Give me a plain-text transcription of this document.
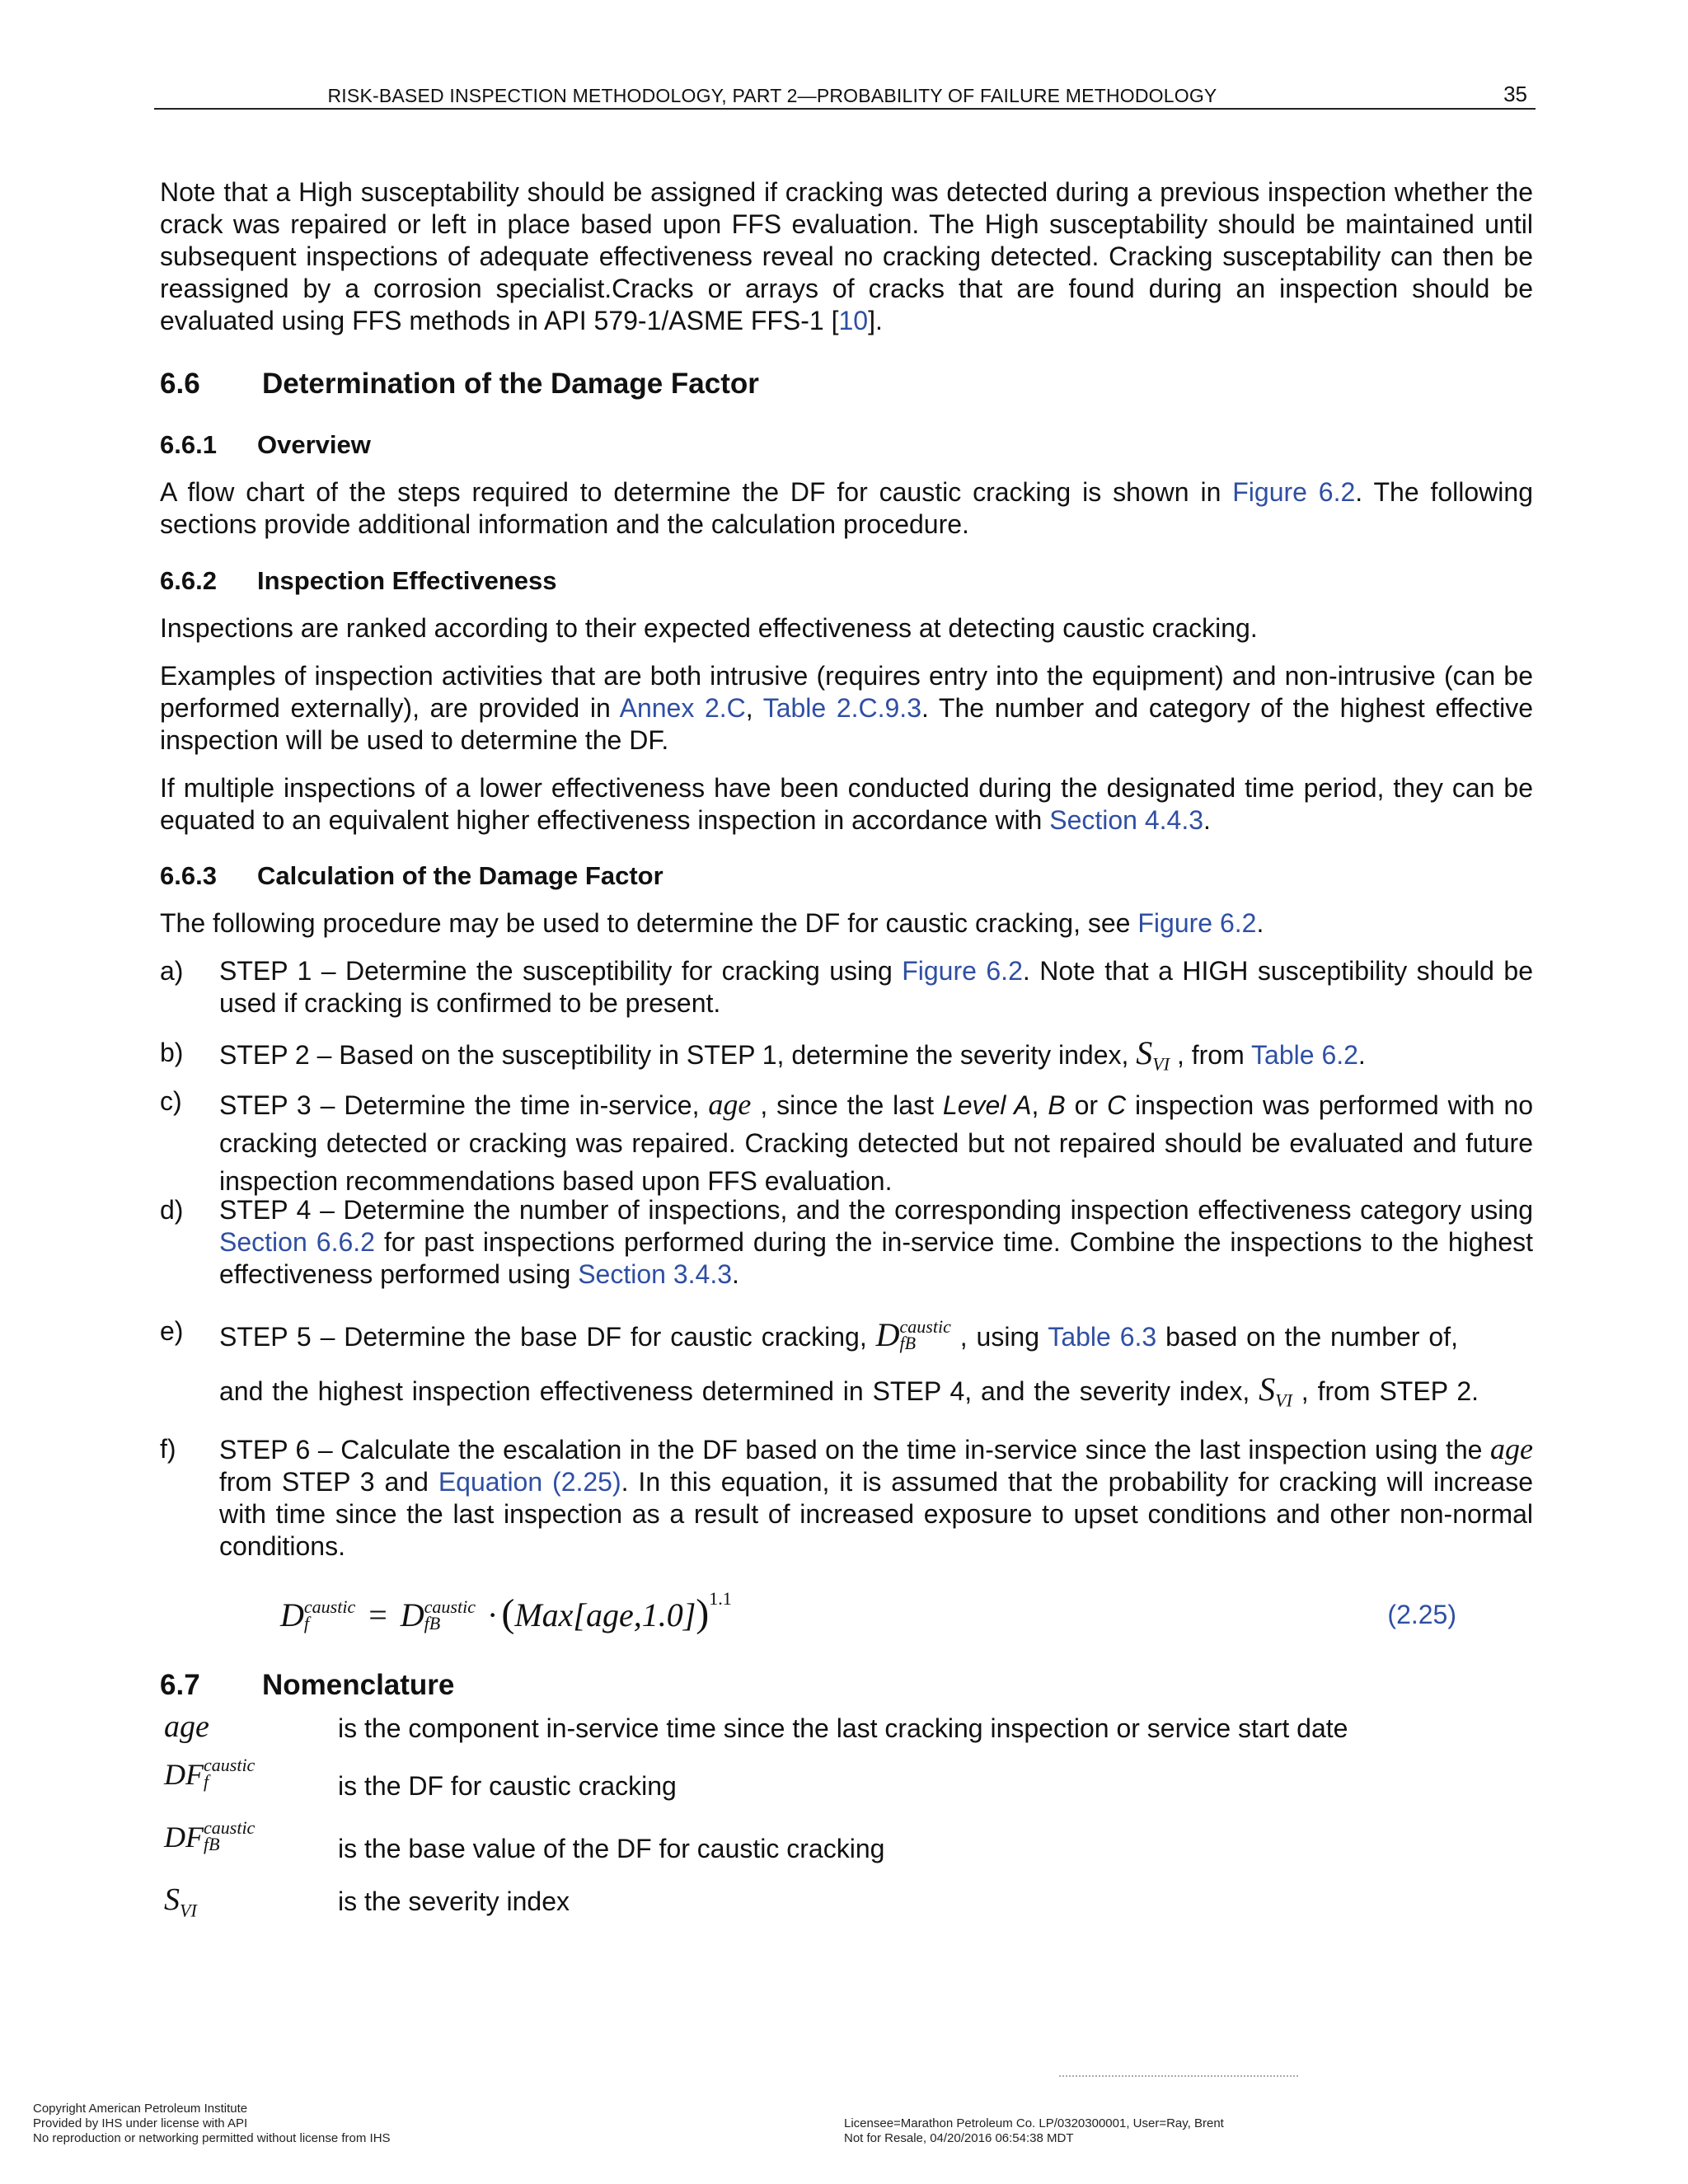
RISK-BASED INSPECTION METHODOLOGY, PART 2—PROBABILITY OF FAILURE METHODOLOGY	35

Note that a High susceptability should be assigned if cracking was detected during a previous inspection whether the crack was repaired or left in place based upon FFS evaluation. The High susceptability should be maintained until subsequent inspections of adequate effectiveness reveal no cracking detected. Cracking susceptability can then be reassigned by a corrosion specialist.Cracks or arrays of cracks that are found during an inspection should be evaluated using FFS methods in API 579-1/ASME FFS-1 [10].

6.6 Determination of the Damage Factor
6.6.1 Overview

A flow chart of the steps required to determine the DF for caustic cracking is shown in Figure 6.2. The following sections provide additional information and the calculation procedure.

6.6.2 Inspection Effectiveness

Inspections are ranked according to their expected effectiveness at detecting caustic cracking.

Examples of inspection activities that are both intrusive (requires entry into the equipment) and non-intrusive (can be performed externally), are provided in Annex 2.C, Table 2.C.9.3. The number and category of the highest effective inspection will be used to determine the DF.

If multiple inspections of a lower effectiveness have been conducted during the designated time period, they can be equated to an equivalent higher effectiveness inspection in accordance with Section 4.4.3.

6.6.3 Calculation of the Damage Factor

The following procedure may be used to determine the DF for caustic cracking, see Figure 6.2.

a) STEP 1 – Determine the susceptibility for cracking using Figure 6.2. Note that a HIGH susceptibility should be used if cracking is confirmed to be present.
b) STEP 2 – Based on the susceptibility in STEP 1, determine the severity index, $S_{VI}$ , from Table 6.2.
c) STEP 3 – Determine the time in-service, age , since the last Level A, B or C inspection was performed with no cracking detected or cracking was repaired. Cracking detected but not repaired should be evaluated and future inspection recommendations based upon FFS evaluation.
d) STEP 4 – Determine the number of inspections, and the corresponding inspection effectiveness category using Section 6.6.2 for past inspections performed during the in-service time. Combine the inspections to the highest effectiveness performed using Section 3.4.3.
e) STEP 5 – Determine the base DF for caustic cracking, D caustic
fB	, using Table 6.3 based on the number of,
and the highest inspection effectiveness determined in STEP 4, and the severity index, $S_{VI}$ , from STEP 2.
f) STEP 6 – Calculate the escalation in the DF based on the time in-service since the last inspection using the age from STEP 3 and Equation (2.25). In this equation, it is assumed that the probability for cracking will increase with time since the last inspection as a result of increased exposure to upset conditions and other non-normal conditions.
D caustic
f	= D caustic
fB	$\cdot(Max[age,1.0])^{1.1}$
(2.25)
6.7 Nomenclature
age	is the component in-service time since the last cracking inspection or service start date
DF caustic
f	is the DF for caustic cracking
DF caustic
fB	is the base value of the DF for caustic cracking
$S_{VI}$	is the severity index
Copyright American Petroleum Institute
Provided by IHS under license with API
No reproduction or networking permitted without license from IHS
Licensee=Marathon Petroleum Co. LP/0320300001, User=Ray, Brent
Not for Resale, 04/20/2016 06:54:38 MDT
